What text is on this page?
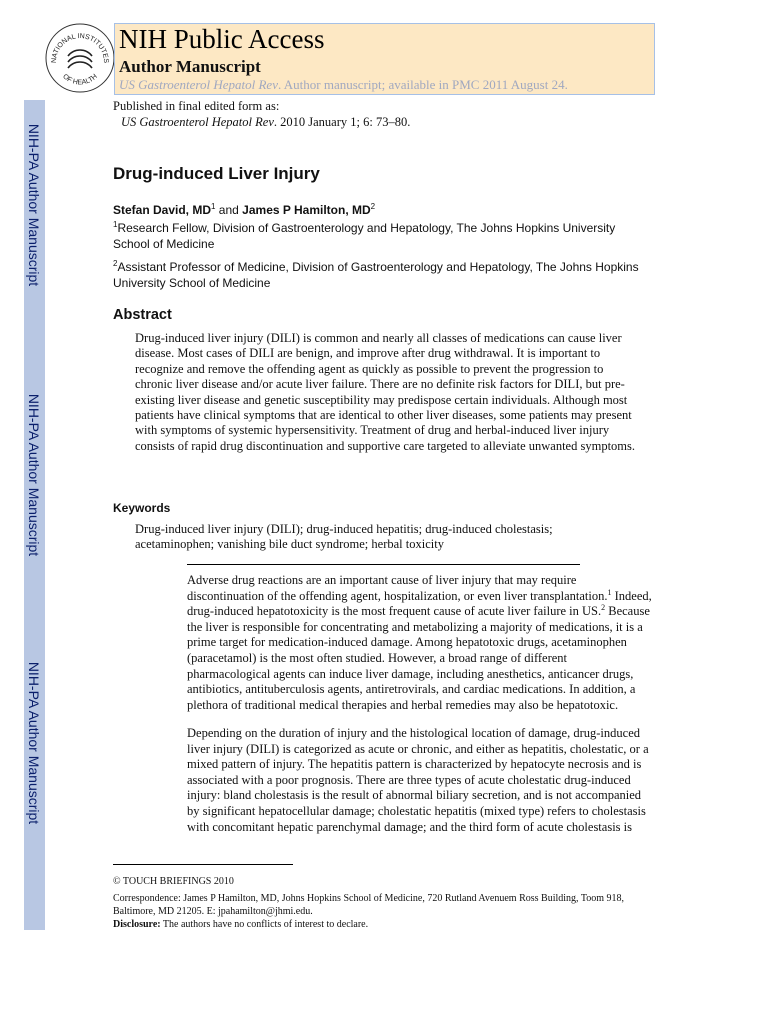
NIH-PA Author Manuscript
NIH-PA Author Manuscript
NIH-PA Author Manuscript
NATIONAL INSTITUTES
OF HEALTH
NIH Public Access
Author Manuscript
US Gastroenterol Hepatol Rev. Author manuscript; available in PMC 2011 August 24.
Published in final edited form as:
US Gastroenterol Hepatol Rev. 2010 January 1; 6: 73–80.
Drug-induced Liver Injury
Stefan David, $MD^1$ and James P Hamilton, $MD^2$
$^1$Research Fellow, Division of Gastroenterology and Hepatology, The Johns Hopkins University School of Medicine
$^2$Assistant Professor of Medicine, Division of Gastroenterology and Hepatology, The Johns Hopkins University School of Medicine
Abstract
Drug-induced liver injury (DILI) is common and nearly all classes of medications can cause liver disease. Most cases of DILI are benign, and improve after drug withdrawal. It is important to recognize and remove the offending agent as quickly as possible to prevent the progression to chronic liver disease and/or acute liver failure. There are no definite risk factors for DILI, but pre-existing liver disease and genetic susceptibility may predispose certain individuals. Although most patients have clinical symptoms that are identical to other liver diseases, some patients may present with symptoms of systemic hypersensitivity. Treatment of drug and herbal-induced liver injury consists of rapid drug discontinuation and supportive care targeted to alleviate unwanted symptoms.
Keywords
Drug-induced liver injury (DILI); drug-induced hepatitis; drug-induced cholestasis; acetaminophen; vanishing bile duct syndrome; herbal toxicity
Adverse drug reactions are an important cause of liver injury that may require discontinuation of the offending agent, hospitalization, or even liver transplantation.$^1$ Indeed, drug-induced hepatotoxicity is the most frequent cause of acute liver failure in US.$^2$ Because the liver is responsible for concentrating and metabolizing a majority of medications, it is a prime target for medication-induced damage. Among hepatotoxic drugs, acetaminophen (paracetamol) is the most often studied. However, a broad range of different pharmacological agents can induce liver damage, including anesthetics, anticancer drugs, antibiotics, antituberculosis agents, antiretrovirals, and cardiac medications. In addition, a plethora of traditional medical therapies and herbal remedies may also be hepatotoxic.
Depending on the duration of injury and the histological location of damage, drug-induced liver injury (DILI) is categorized as acute or chronic, and either as hepatitis, cholestatic, or a mixed pattern of injury. The hepatitis pattern is characterized by hepatocyte necrosis and is associated with a poor prognosis. There are three types of acute cholestatic drug-induced injury: bland cholestasis is the result of abnormal biliary secretion, and is not accompanied by significant hepatocellular damage; cholestatic hepatitis (mixed type) refers to cholestasis with concomitant hepatic parenchymal damage; and the third form of acute cholestasis is
© TOUCH BRIEFINGS 2010
Correspondence: James P Hamilton, MD, Johns Hopkins School of Medicine, 720 Rutland Avenuem Ross Building, Toom 918, Baltimore, MD 21205. E: jpahamilton@jhmi.edu.
Disclosure: The authors have no conflicts of interest to declare.
